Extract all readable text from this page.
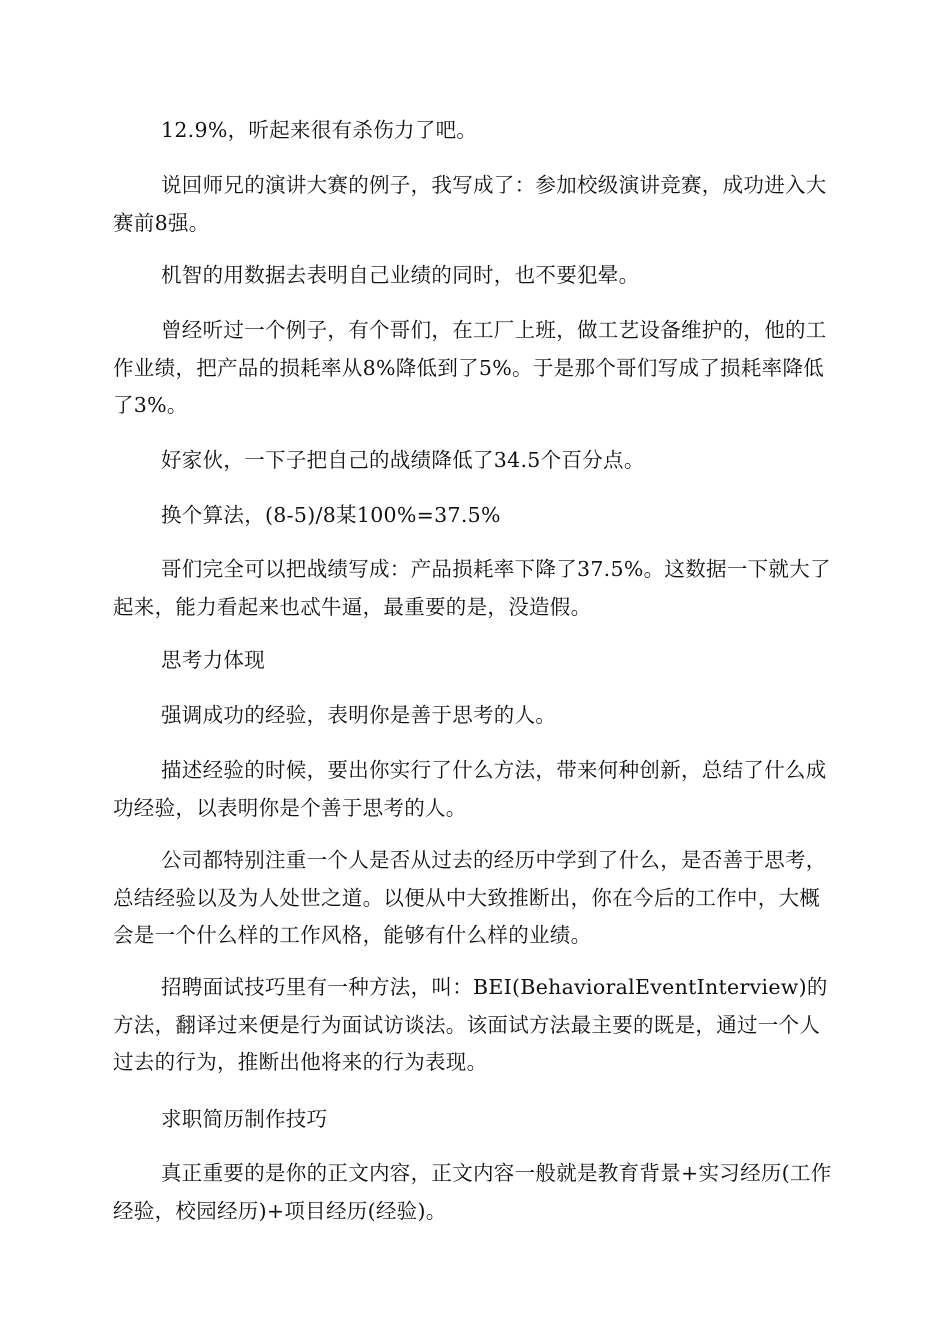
12.9%，听起来很有杀伤力了吧。

说回师兄的演讲大赛的例子，我写成了：参加校级演讲竞赛，成功进入大赛前8强。

机智的用数据去表明自己业绩的同时，也不要犯晕。

曾经听过一个例子，有个哥们，在工厂上班，做工艺设备维护的，他的工作业绩，把产品的损耗率从8%降低到了5%。于是那个哥们写成了损耗率降低了3%。

好家伙，一下子把自己的战绩降低了34.5个百分点。

换个算法，(8-5)/8某100%=37.5%

哥们完全可以把战绩写成：产品损耗率下降了37.5%。这数据一下就大了起来，能力看起来也忒牛逼，最重要的是，没造假。

思考力体现

强调成功的经验，表明你是善于思考的人。

描述经验的时候，要出你实行了什么方法，带来何种创新，总结了什么成功经验，以表明你是个善于思考的人。

公司都特别注重一个人是否从过去的经历中学到了什么，是否善于思考，总结经验以及为人处世之道。以便从中大致推断出，你在今后的工作中，大概会是一个什么样的工作风格，能够有什么样的业绩。

招聘面试技巧里有一种方法，叫：BEI(BehavioralEventInterview)的方法，翻译过来便是行为面试访谈法。该面试方法最主要的既是，通过一个人过去的行为，推断出他将来的行为表现。

求职简历制作技巧

真正重要的是你的正文内容，正文内容一般就是教育背景+实习经历(工作经验，校园经历)+项目经历(经验)。
